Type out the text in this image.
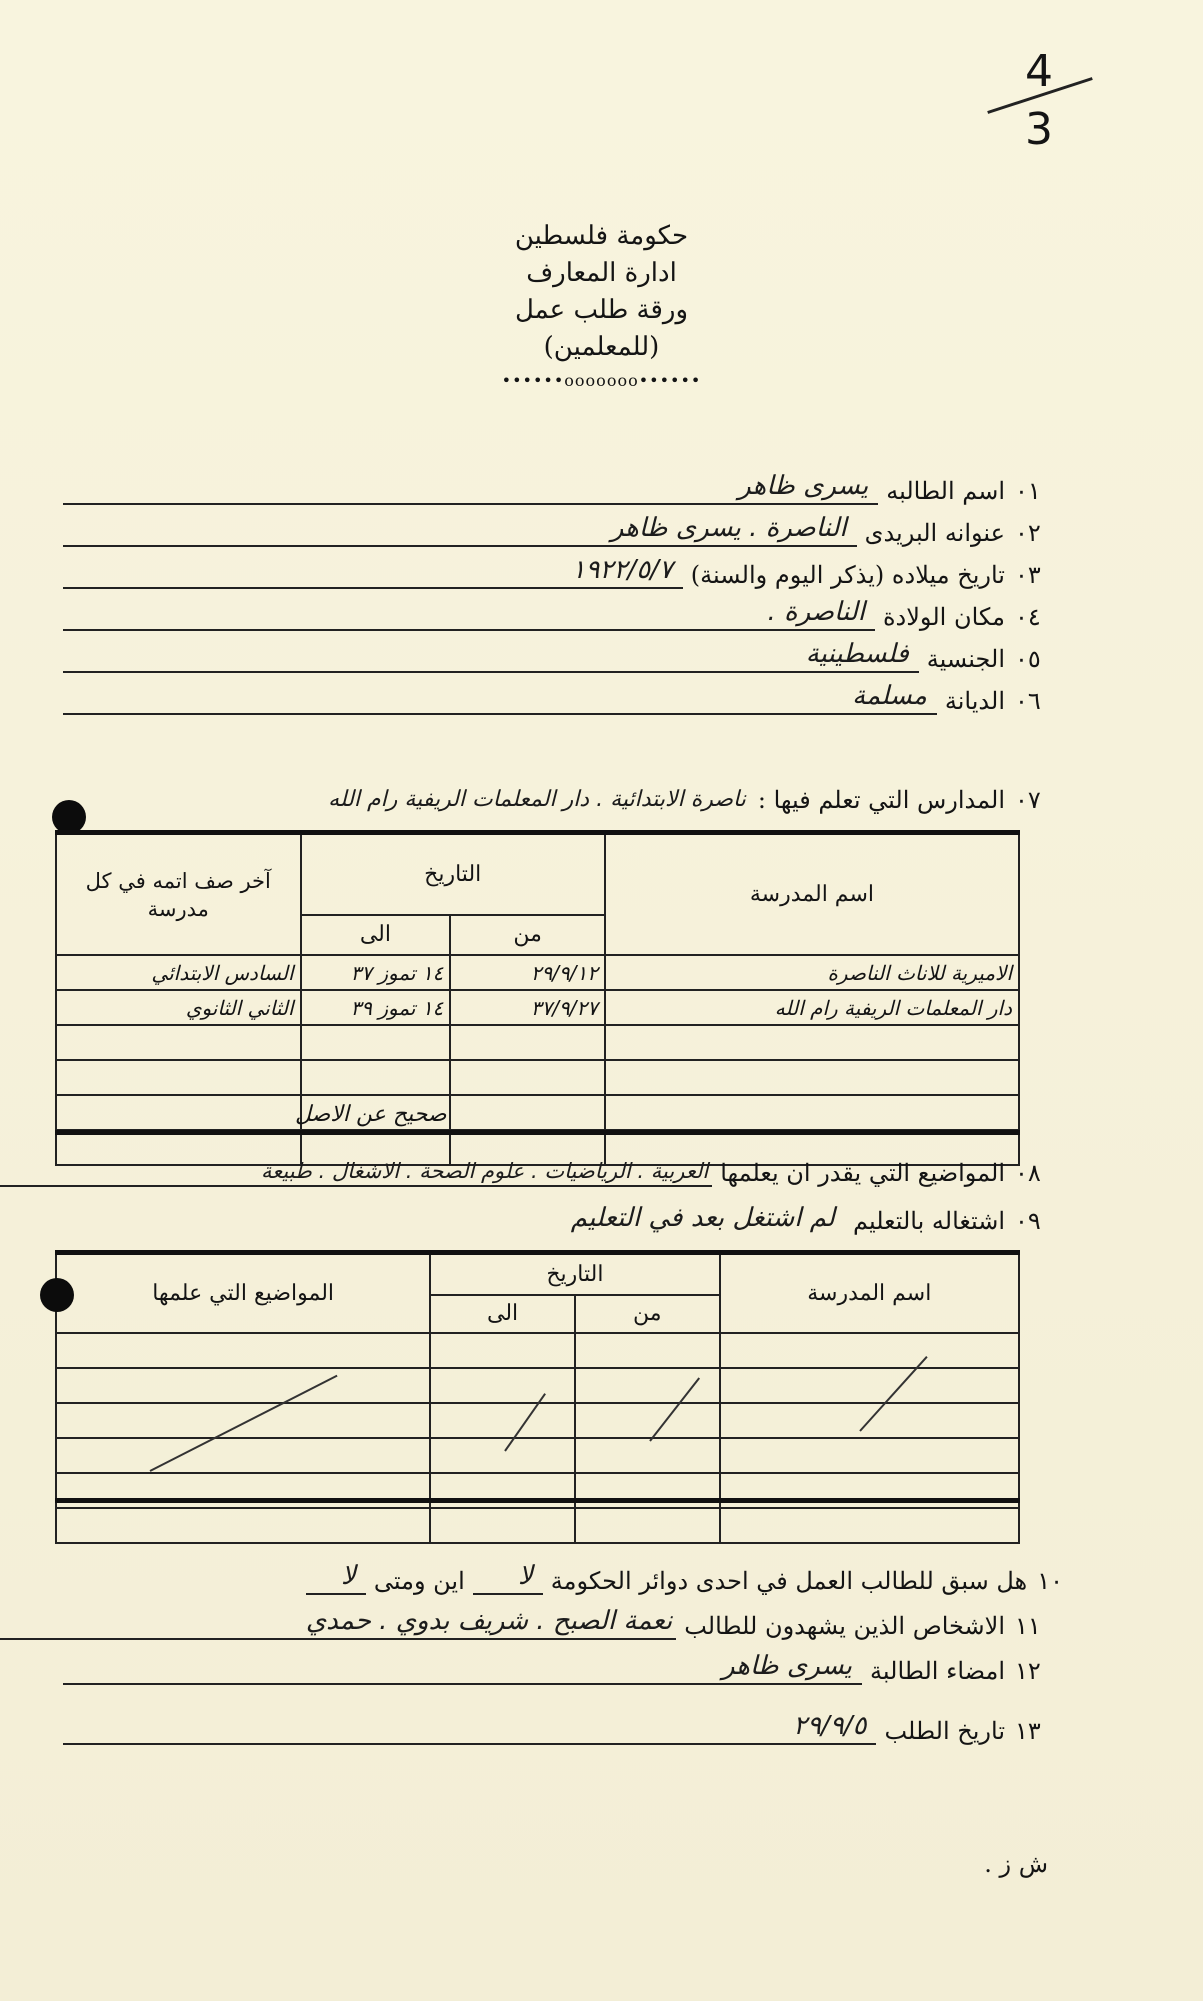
4
3
حكومة فلسطين
ادارة المعارف
ورقة طلب عمل
(للمعلمين)
••••••ooooooo••••••
٠١
اسم الطالبه
يسرى ظاهر
٠٢
عنوانه البريدى
الناصرة . يسرى ظاهر
٠٣
تاريخ ميلاده (يذكر اليوم والسنة)
١٩٢٢/٥/٧
٠٤
مكان الولادة
الناصرة .
٠٥
الجنسية
فلسطينية
٠٦
الديانة
مسلمة
٠٧
المدارس التي تعلم فيها :
ناصرة الابتدائية . دار المعلمات الريفية رام الله
اسم المدرسة	التاريخ		آخر صف اتمه في كل مدرسة
	من	الى	
الاميرية للاناث الناصرة	٢٩/٩/١٢	١٤ تموز ٣٧	السادس الابتدائي
دار المعلمات الريفية رام الله	٣٧/٩/٢٧	١٤ تموز ٣٩	الثاني الثانوي

صحيح عن الاصل
٠٨
المواضيع التي يقدر ان يعلمها
العربية . الرياضيات . علوم الصحة . الاشغال . طبيعة
٠٩
اشتغاله بالتعليم
لم اشتغل بعد في التعليم
اسم المدرسة	التاريخ		المواضيع التي علمها
	من	الى	

١٠
هل سبق للطالب العمل في احدى دوائر الحكومة
لا
اين ومتى
لا
١١
الاشخاص الذين يشهدون للطالب
نعمة الصبح . شريف بدوي . حمدي
١٢
امضاء الطالبة
يسرى ظاهر
١٣
تاريخ الطلب
٢٩/٩/٥
ش ز .
